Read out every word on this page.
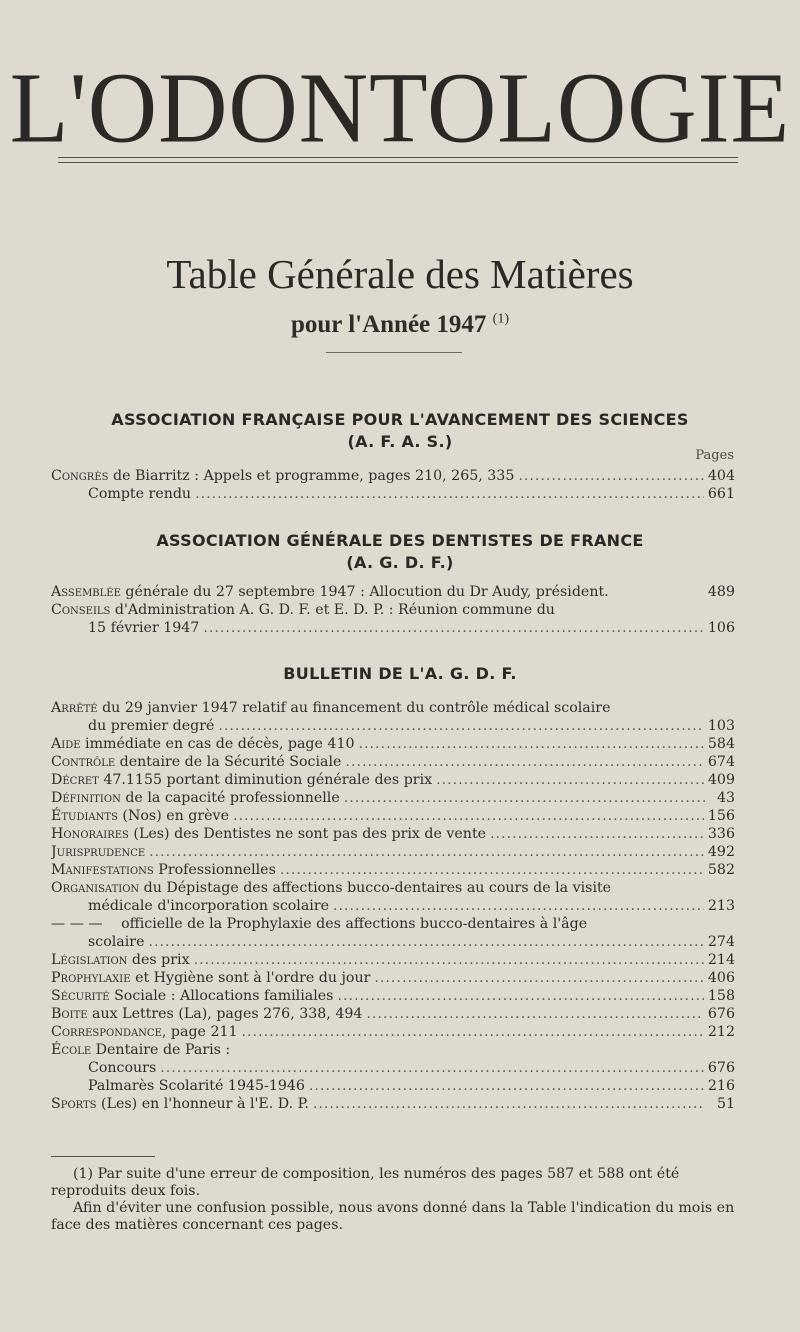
L'ODONTOLOGIE
Table Générale des Matières
pour l'Année 1947 $^{(1)}$
ASSOCIATION FRANÇAISE POUR L'AVANCEMENT DES SCIENCES
(A. F. A. S.)
Pages
Congrès de Biarritz : Appels et programme, pages 210, 265, 335 .....	404
Compte rendu .....	661
ASSOCIATION GÉNÉRALE DES DENTISTES DE FRANCE
(A. G. D. F.)
Assemblée générale du 27 septembre 1947 : Allocution du Dr Audy, président.	489
Conseils d'Administration A. G. D. F. et E. D. P. : Réunion commune du
15 février 1947 .....	106
BULLETIN DE L'A. G. D. F.
Arrêté du 29 janvier 1947 relatif au financement du contrôle médical scolaire
du premier degré .....	103
Aide immédiate en cas de décès, page 410 .....	584
Contrôle dentaire de la Sécurité Sociale .....	674
Décret 47.1155 portant diminution générale des prix .....	409
Définition de la capacité professionnelle .....	43
Étudiants (Nos) en grève .....	156
Honoraires (Les) des Dentistes ne sont pas des prix de vente .....	336
Jurisprudence .....	492
Manifestations Professionnelles .....	582
Organisation du Dépistage des affections bucco-dentaires au cours de la visite
médicale d'incorporation scolaire .....	213
— — — officielle de la Prophylaxie des affections bucco-dentaires à l'âge
scolaire .....	274
Législation des prix .....	214
Prophylaxie et Hygiène sont à l'ordre du jour .....	406
Sécurité Sociale : Allocations familiales .....	158
Boite aux Lettres (La), pages 276, 338, 494 .....	676
Correspondance, page 211 .....	212
École Dentaire de Paris :
Concours .....	676
Palmarès Scolarité 1945-1946 .....	216
Sports (Les) en l'honneur à l'E. D. P. .....	51

(1) Par suite d'une erreur de composition, les numéros des pages 587 et 588 ont été reproduits deux fois.

Afin d'éviter une confusion possible, nous avons donné dans la Table l'indication du mois en face des matières concernant ces pages.
